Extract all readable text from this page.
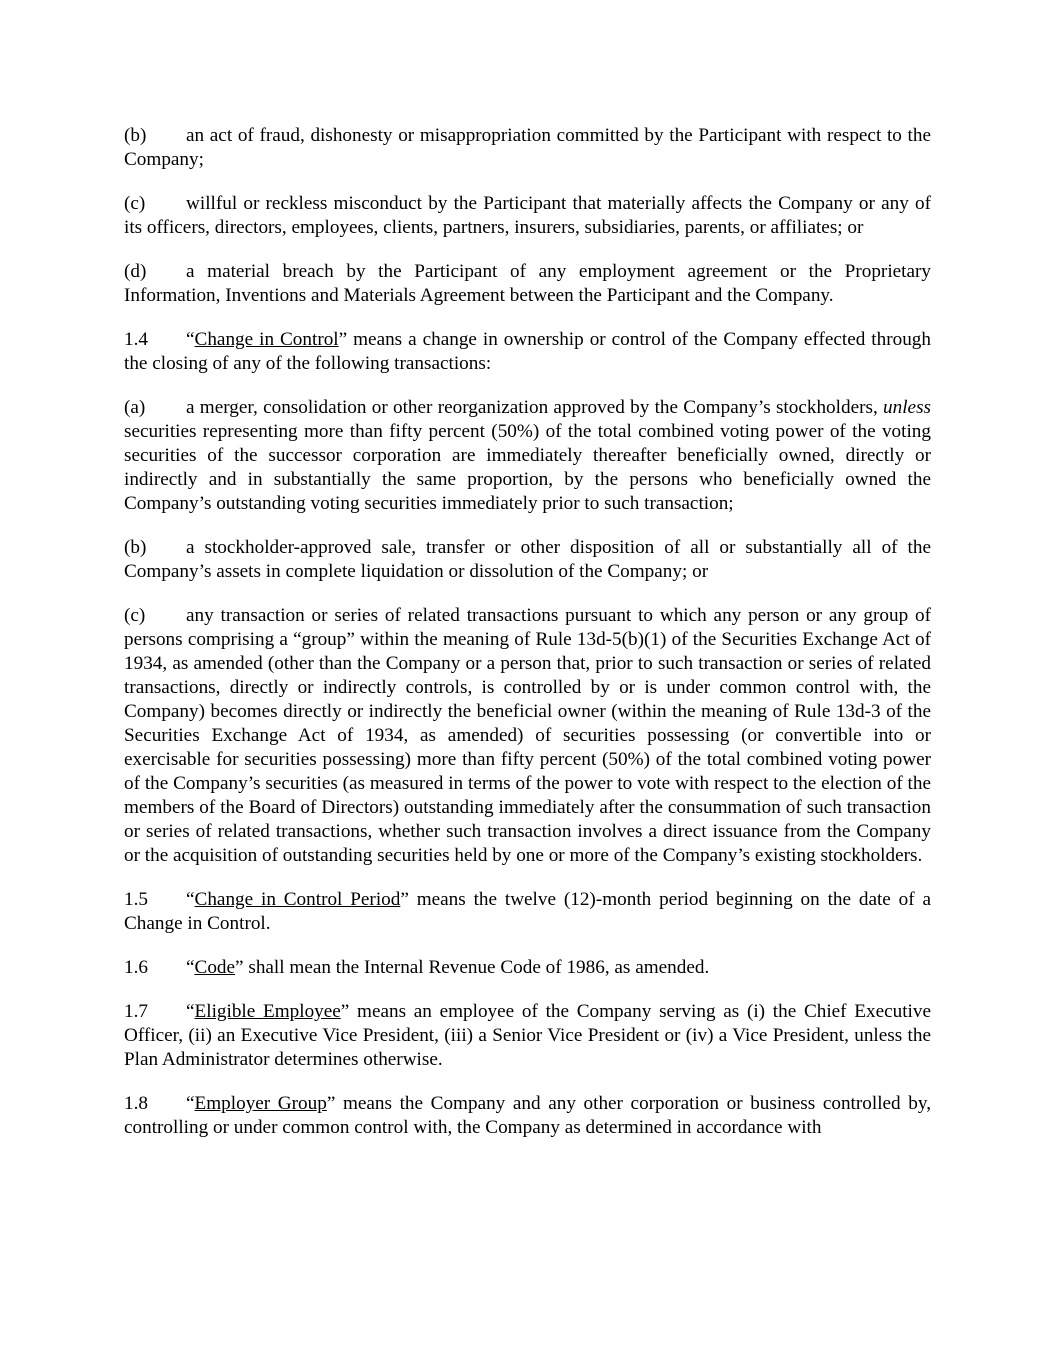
(b) an act of fraud, dishonesty or misappropriation committed by the Participant with respect to the Company;

(c) willful or reckless misconduct by the Participant that materially affects the Company or any of its officers, directors, employees, clients, partners, insurers, subsidiaries, parents, or affiliates; or

(d) a material breach by the Participant of any employment agreement or the Proprietary Information, Inventions and Materials Agreement between the Participant and the Company.

1.4 “Change in Control” means a change in ownership or control of the Company effected through the closing of any of the following transactions:

(a) a merger, consolidation or other reorganization approved by the Company’s stockholders, unless securities representing more than fifty percent (50%) of the total combined voting power of the voting securities of the successor corporation are immediately thereafter beneficially owned, directly or indirectly and in substantially the same proportion, by the persons who beneficially owned the Company’s outstanding voting securities immediately prior to such transaction;

(b) a stockholder-approved sale, transfer or other disposition of all or substantially all of the Company’s assets in complete liquidation or dissolution of the Company; or

(c) any transaction or series of related transactions pursuant to which any person or any group of persons comprising a “group” within the meaning of Rule 13d-5(b)(1) of the Securities Exchange Act of 1934, as amended (other than the Company or a person that, prior to such transaction or series of related transactions, directly or indirectly controls, is controlled by or is under common control with, the Company) becomes directly or indirectly the beneficial owner (within the meaning of Rule 13d-3 of the Securities Exchange Act of 1934, as amended) of securities possessing (or convertible into or exercisable for securities possessing) more than fifty percent (50%) of the total combined voting power of the Company’s securities (as measured in terms of the power to vote with respect to the election of the members of the Board of Directors) outstanding immediately after the consummation of such transaction or series of related transactions, whether such transaction involves a direct issuance from the Company or the acquisition of outstanding securities held by one or more of the Company’s existing stockholders.

1.5 “Change in Control Period” means the twelve (12)-month period beginning on the date of a Change in Control.

1.6 “Code” shall mean the Internal Revenue Code of 1986, as amended.

1.7 “Eligible Employee” means an employee of the Company serving as (i) the Chief Executive Officer, (ii) an Executive Vice President, (iii) a Senior Vice President or (iv) a Vice President, unless the Plan Administrator determines otherwise.

1.8 “Employer Group” means the Company and any other corporation or business controlled by, controlling or under common control with, the Company as determined in accordance with
